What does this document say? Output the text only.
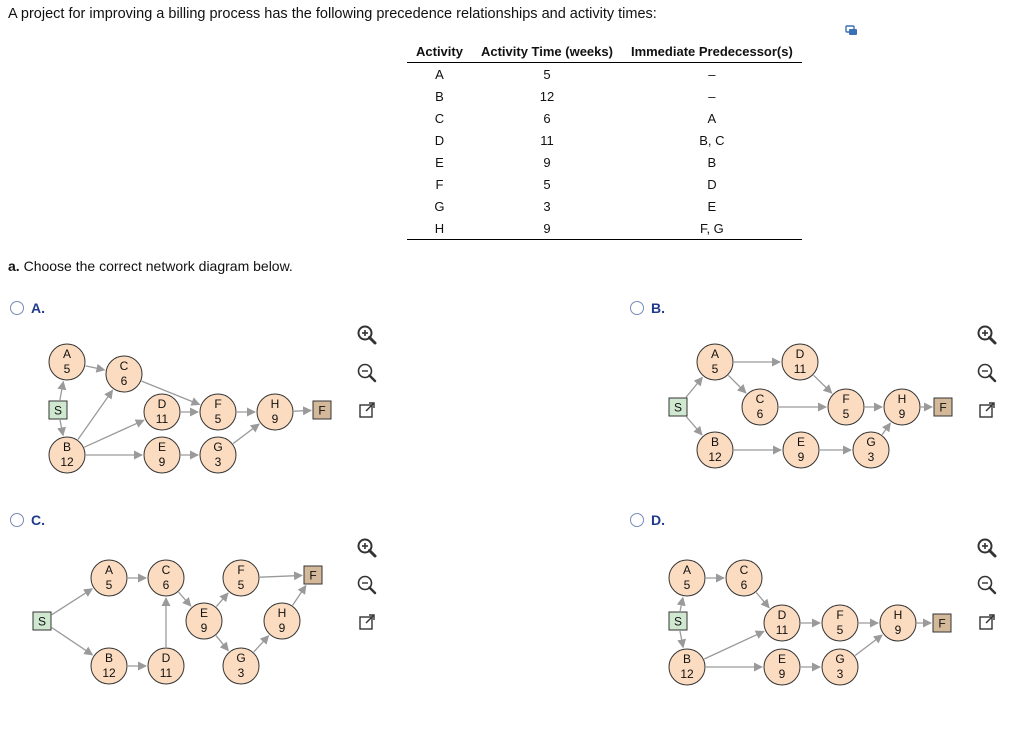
A project for improving a billing process has the following precedence relationships and activity times:
Activity	Activity Time (weeks)	Immediate Predecessor(s)
A	5	–
B	12	–
C	6	A
D	11	B, C
E	9	B
F	5	D
G	3	E
H	9	F, G
a. Choose the correct network diagram below.
A.
S
A
5	C
6
B
12
D
11
E
9
F
5
G
3
H
9
F
B.
S
A
5
D
11
C
6
F
5
H
9
B
12
E
9
G
3
F
C.
S
A
5
C
6
F
5
E
9
H
9
B
12
D
11
G
3
F
D.
S
A
5
C
6
B
12
D
11
E
9
F
5
G
3
H
9	F
